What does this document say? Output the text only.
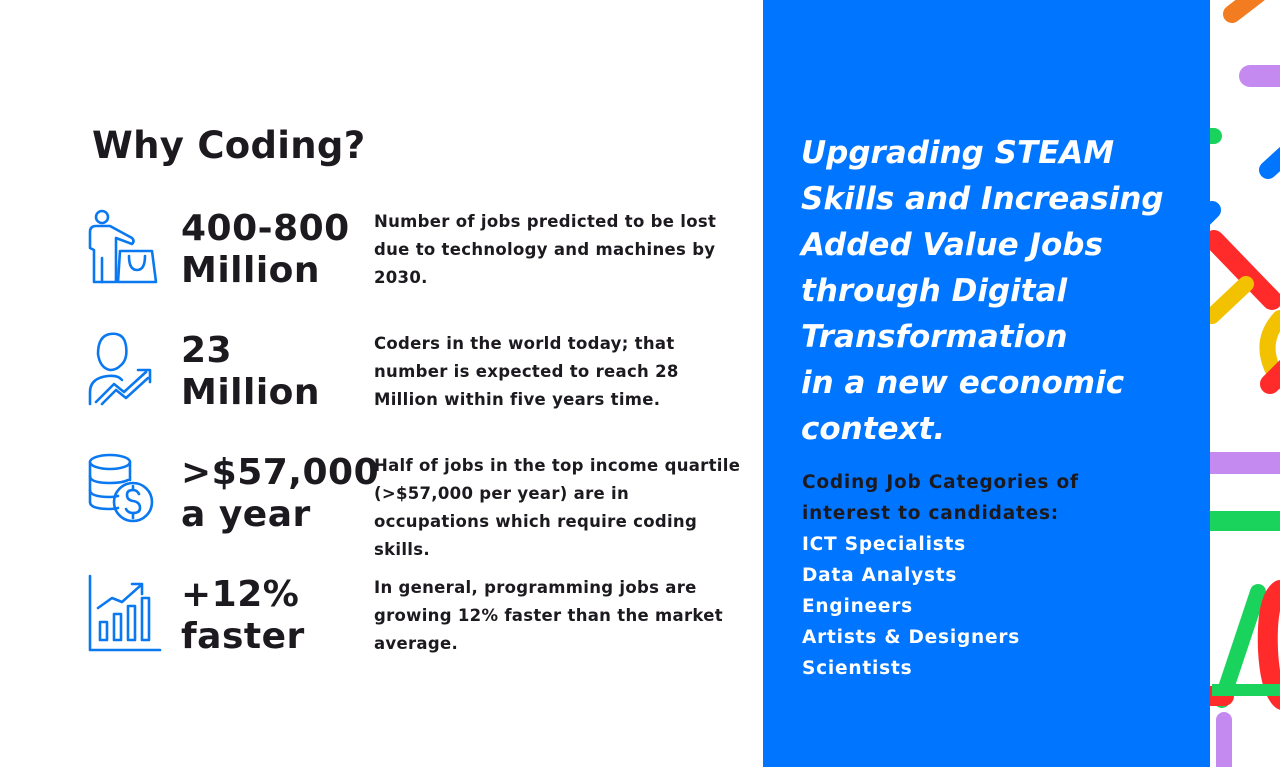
Why Coding?
400-800
Million

Number of jobs predicted to be lost due to technology and machines by 2030.

23
Million

Coders in the world today; that number is expected to reach 28 Million within five years time.

>$57,000
a year

Half of jobs in the top income quartile (>$57,000 per year) are in occupations which require coding skills.

+12%
faster

In general, programming jobs are growing 12% faster than the market average.

Upgrading STEAM
Skills and Increasing
Added Value Jobs
through Digital
Transformation
in a new economic
context.

Coding Job Categories of interest to candidates:

ICT Specialists
Data Analysts
Engineers
Artists & Designers
Scientists
